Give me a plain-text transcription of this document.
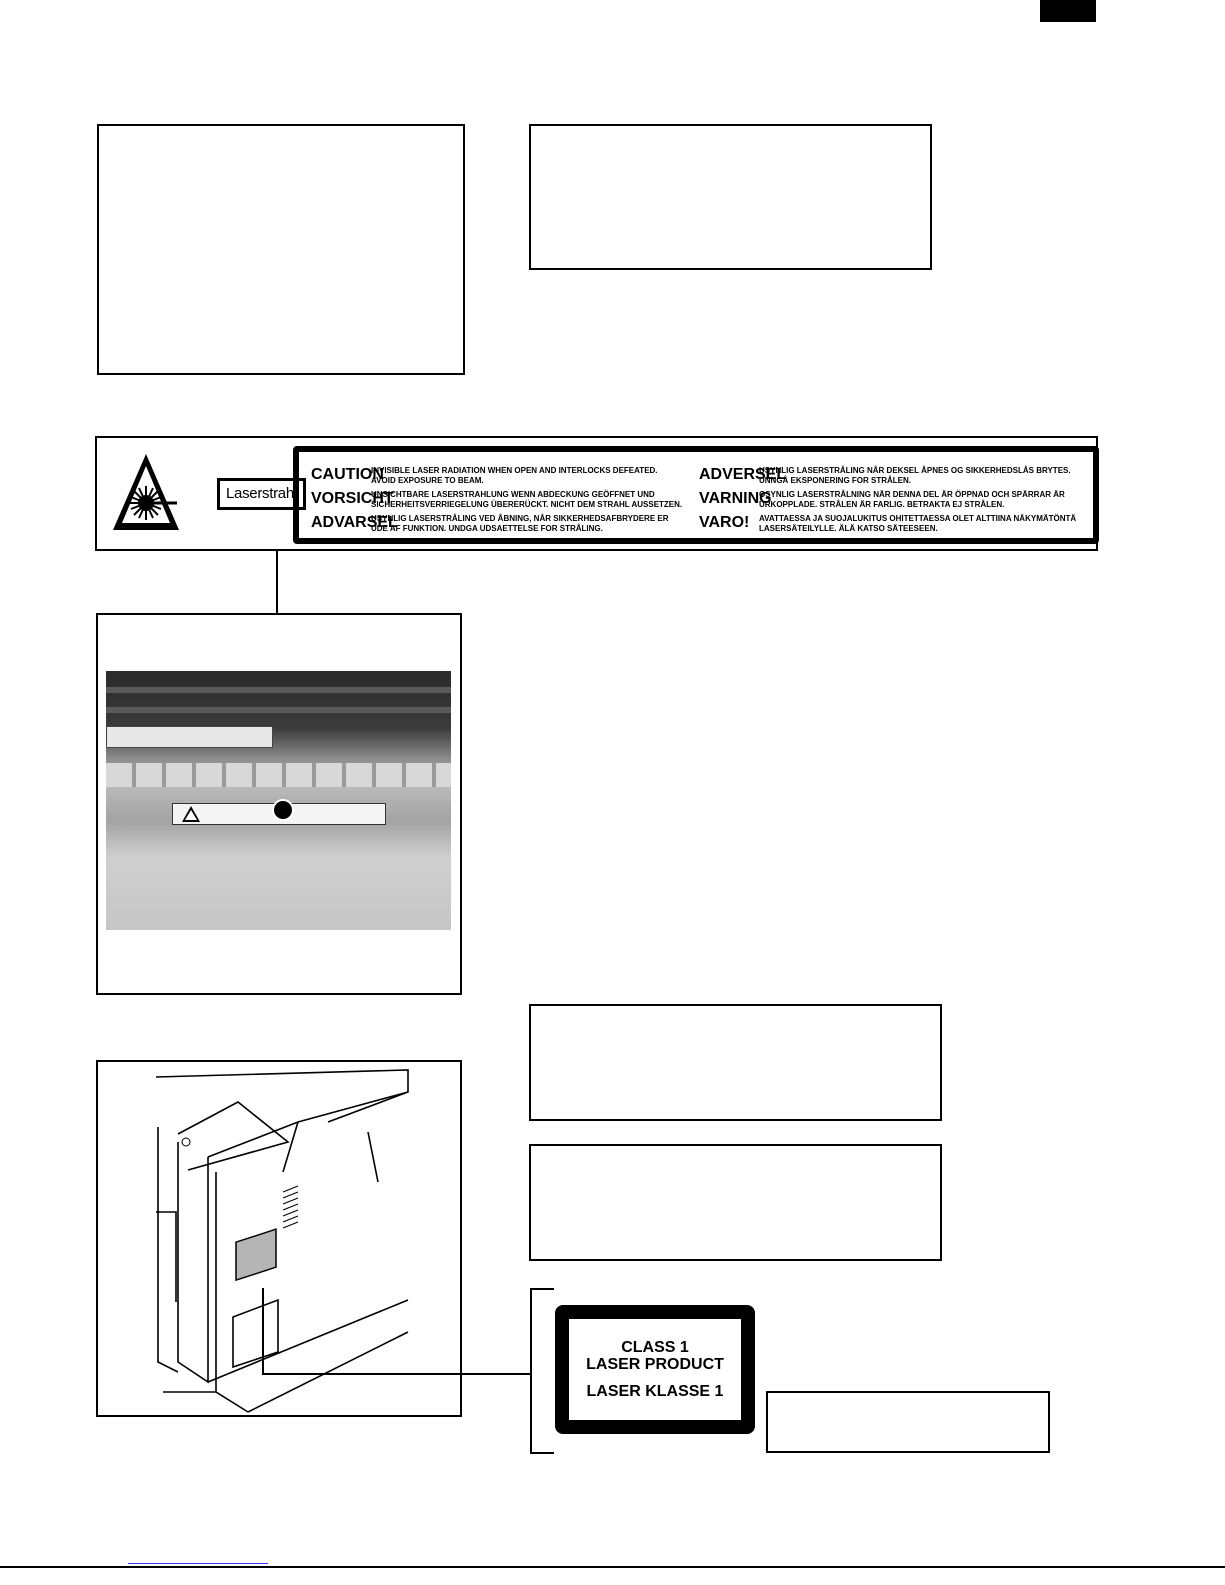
Laserstrahl
CAUTION
INVISIBLE LASER RADIATION WHEN OPEN AND INTERLOCKS DEFEATED.
AVOID EXPOSURE TO BEAM.
VORSICHT
UNSICHTBARE LASERSTRAHLUNG WENN ABDECKUNG GEÖFFNET UND
SICHERHEITSVERRIEGELUNG ÜBERERÜCKT. NICHT DEM STRAHL AUSSETZEN.
ADVARSEL
USYNLIG LASERSTRÅLING VED ÅBNING, NÅR SIKKERHEDSAFBRYDERE ER
UDE AF FUNKTION. UNDGA UDSAETTELSE FOR STRÅLING.
ADVERSEL
USYNLIG LASERSTRÅLING NÅR DEKSEL ÅPNES OG SIKKERHEDSLÅS BRYTES.
UNNGÅ EKSPONERING FOR STRÅLEN.
VARNING
OSYNLIG LASERSTRÅLNING NÄR DENNA DEL ÄR ÖPPNAD OCH SPÄRRAR ÄR
URKOPPLADE. STRÅLEN ÄR FARLIG. BETRAKTA EJ STRÅLEN.
VARO!	AVATTAESSA JA SUOJALUKITUS OHITETTAESSA OLET ALTTIINA NÄKYMÄTÖNTÄ
LASERSÄTEILYLLE. ÄLÄ KATSO SÄTEESEEN.
CLASS 1
LASER PRODUCT
LASER KLASSE 1
